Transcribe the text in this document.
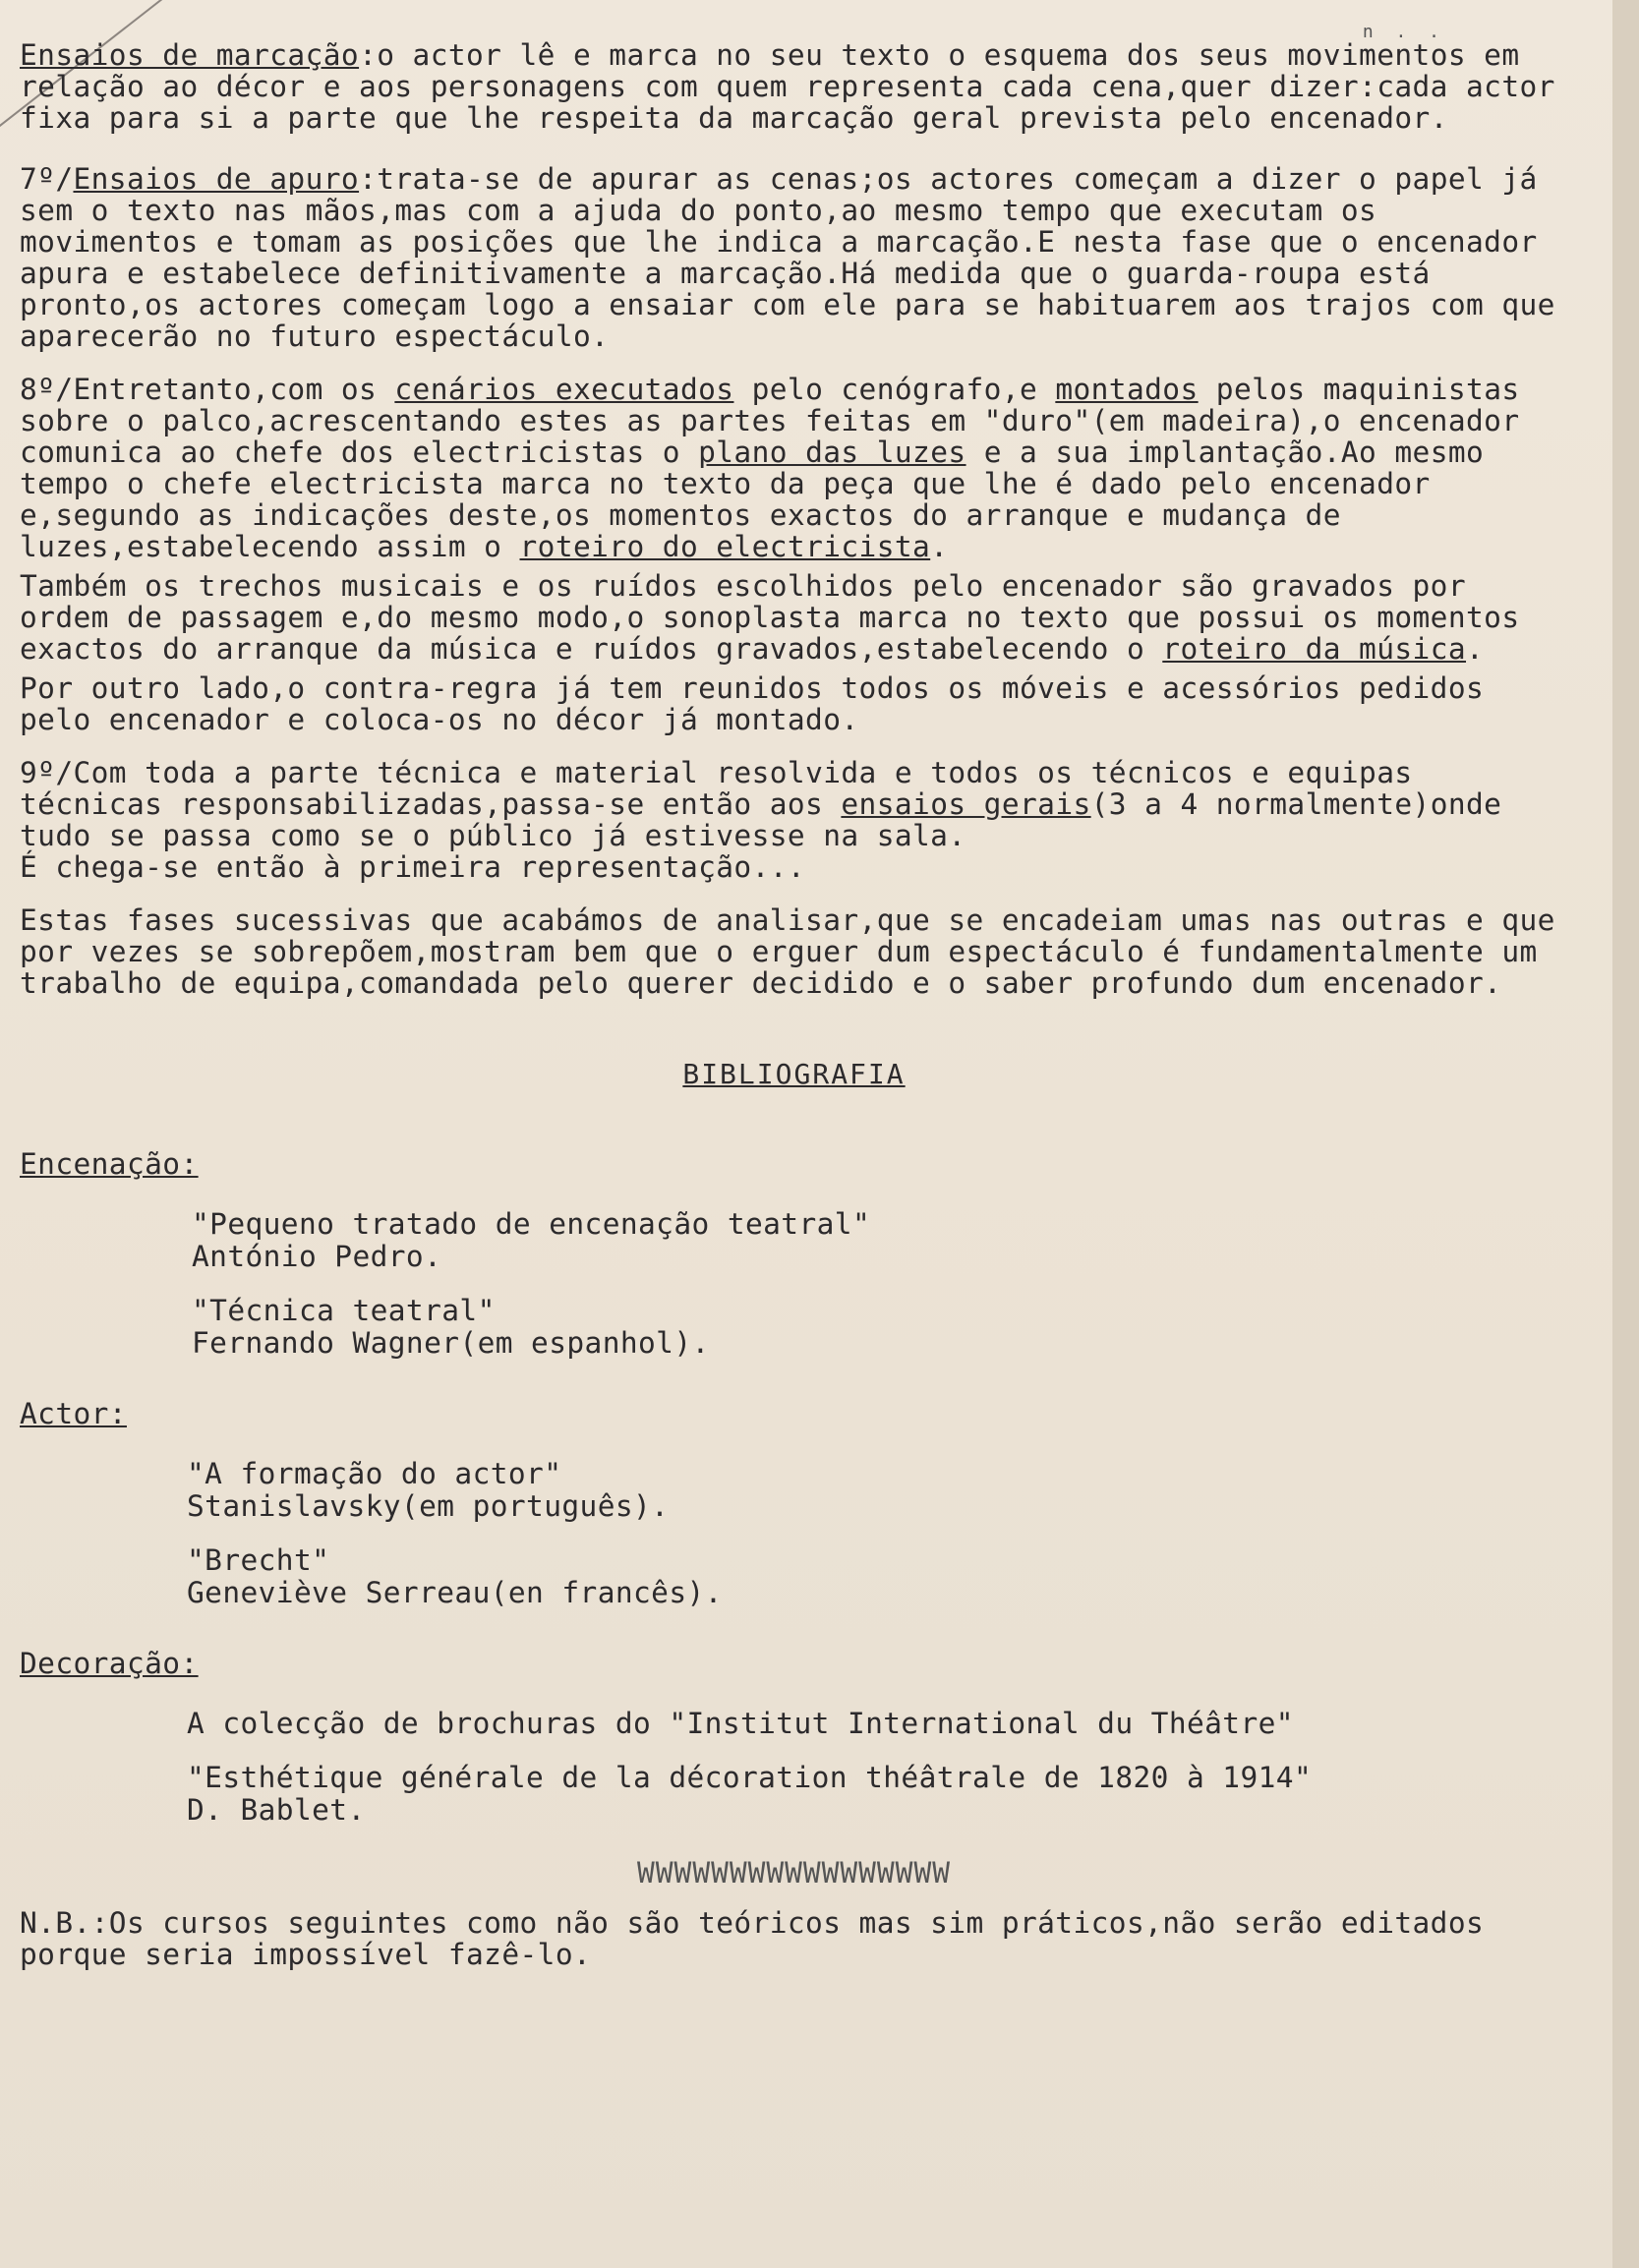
n . .

Ensaios de marcação:o actor lê e marca no seu texto o esquema dos seus movimentos em relação ao décor e aos personagens com quem representa cada cena,quer dizer:cada actor fixa para si a parte que lhe respeita da marcação geral prevista pelo encenador.

7º/Ensaios de apuro:trata-se de apurar as cenas;os actores começam a dizer o papel já sem o texto nas mãos,mas com a ajuda do ponto,ao mesmo tempo que executam os movimentos e tomam as posições que lhe indica a marcação.E nesta fase que o encenador apura e estabelece definitivamente a marcação.Há medida que o guarda-roupa está pronto,os actores começam logo a ensaiar com ele para se habituarem aos trajos com que aparecerão no futuro espectáculo.

8º/Entretanto,com os cenários executados pelo cenógrafo,e montados pelos maquinistas sobre o palco,acrescentando estes as partes feitas em "duro"(em madeira),o encenador comunica ao chefe dos electricistas o plano das luzes e a sua implantação.Ao mesmo tempo o chefe electricista marca no texto da peça que lhe é dado pelo encenador e,segundo as indicações deste,os momentos exactos do arranque e mudança de luzes,estabelecendo assim o roteiro do electricista.

Também os trechos musicais e os ruídos escolhidos pelo encenador são gravados por ordem de passagem e,do mesmo modo,o sonoplasta marca no texto que possui os momentos exactos do arranque da música e ruídos gravados,estabelecendo o roteiro da música.

Por outro lado,o contra-regra já tem reunidos todos os móveis e acessórios pedidos pelo encenador e coloca-os no décor já montado.

9º/Com toda a parte técnica e material resolvida e todos os técnicos e equipas técnicas responsabilizadas,passa-se então aos ensaios gerais(3 a 4 normalmente)onde tudo se passa como se o público já estivesse na sala.
É chega-se então à primeira representação...

Estas fases sucessivas que acabámos de analisar,que se encadeiam umas nas outras e que por vezes se sobrepõem,mostram bem que o erguer dum espectáculo é fundamentalmente um trabalho de equipa,comandada pelo querer decidido e o saber profundo dum encenador.

BIBLIOGRAFIA
Encenação:
"Pequeno tratado de encenação teatral"
António Pedro.
"Técnica teatral"
Fernando Wagner(em espanhol).
Actor:
"A formação do actor"
Stanislavsky(em português).
"Brecht"
Geneviève Serreau(en francês).
Decoração:
A colecção de brochuras do "Institut International du Théâtre"
"Esthétique générale de la décoration théâtrale de 1820 à 1914"
D. Bablet.
WWWWWWWWWWWWWWWWW

N.B.:Os cursos seguintes como não são teóricos mas sim práticos,não serão editados porque seria impossível fazê-lo.
